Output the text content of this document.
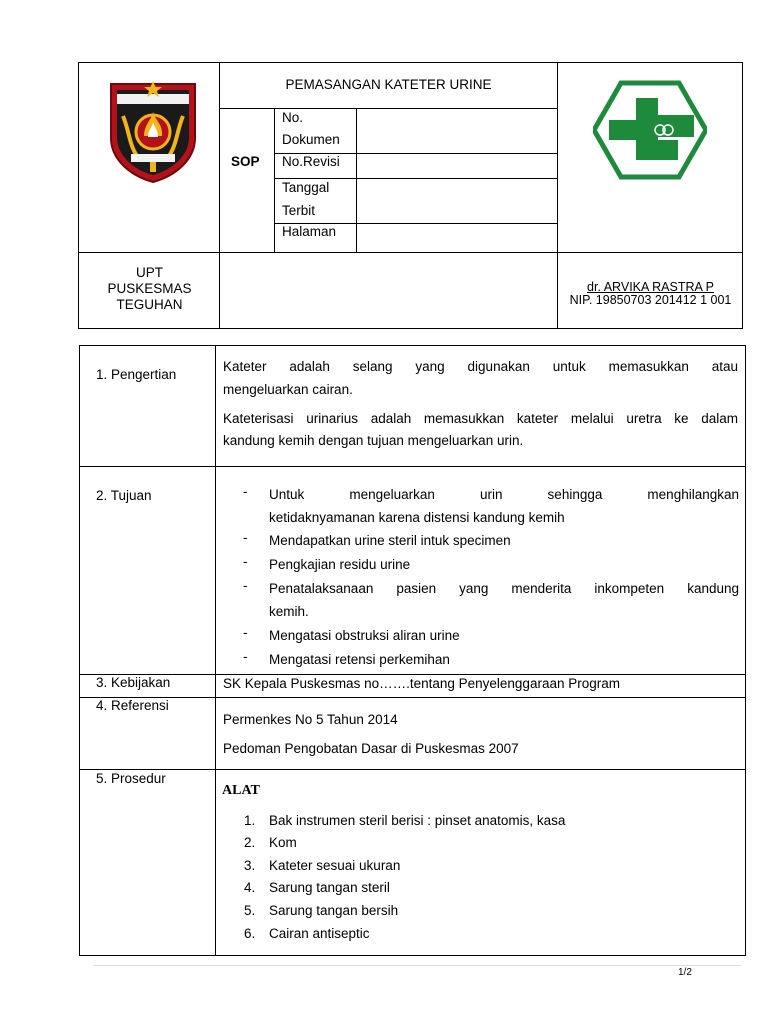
PEMASANGAN KATETER URINE
SOP
No. Dokumen
No.Revisi
Tanggal Terbit
Halaman
UPT
PUSKESMAS
TEGUHAN
dr. ARVIKA RASTRA P
NIP. 19850703 201412 1 001
1. Pengertian
Kateter adalah selang yang digunakan untuk memasukkan atau
mengeluarkan cairan.
Kateterisasi urinarius adalah memasukkan kateter melalui uretra ke dalam
kandung kemih dengan tujuan mengeluarkan urin.
2. Tujuan	- Untuk mengeluarkan urin sehingga menghilangkan
ketidaknyamanan karena distensi kandung kemih
- Mendapatkan urine steril intuk specimen
- Pengkajian residu urine
- Penatalaksanaan pasien yang menderita inkompeten kandung
kemih.
- Mengatasi obstruksi aliran urine
- Mengatasi retensi perkemihan
3. Kebijakan	SK Kepala Puskesmas no…….tentang Penyelenggaraan Program
4. Referensi
Permenkes No 5 Tahun 2014
Pedoman Pengobatan Dasar di Puskesmas 2007
5. Prosedur
ALAT
1. Bak instrumen steril berisi : pinset anatomis, kasa
2. Kom
3. Kateter sesuai ukuran
4. Sarung tangan steril
5. Sarung tangan bersih
6. Cairan antiseptic
1/2
